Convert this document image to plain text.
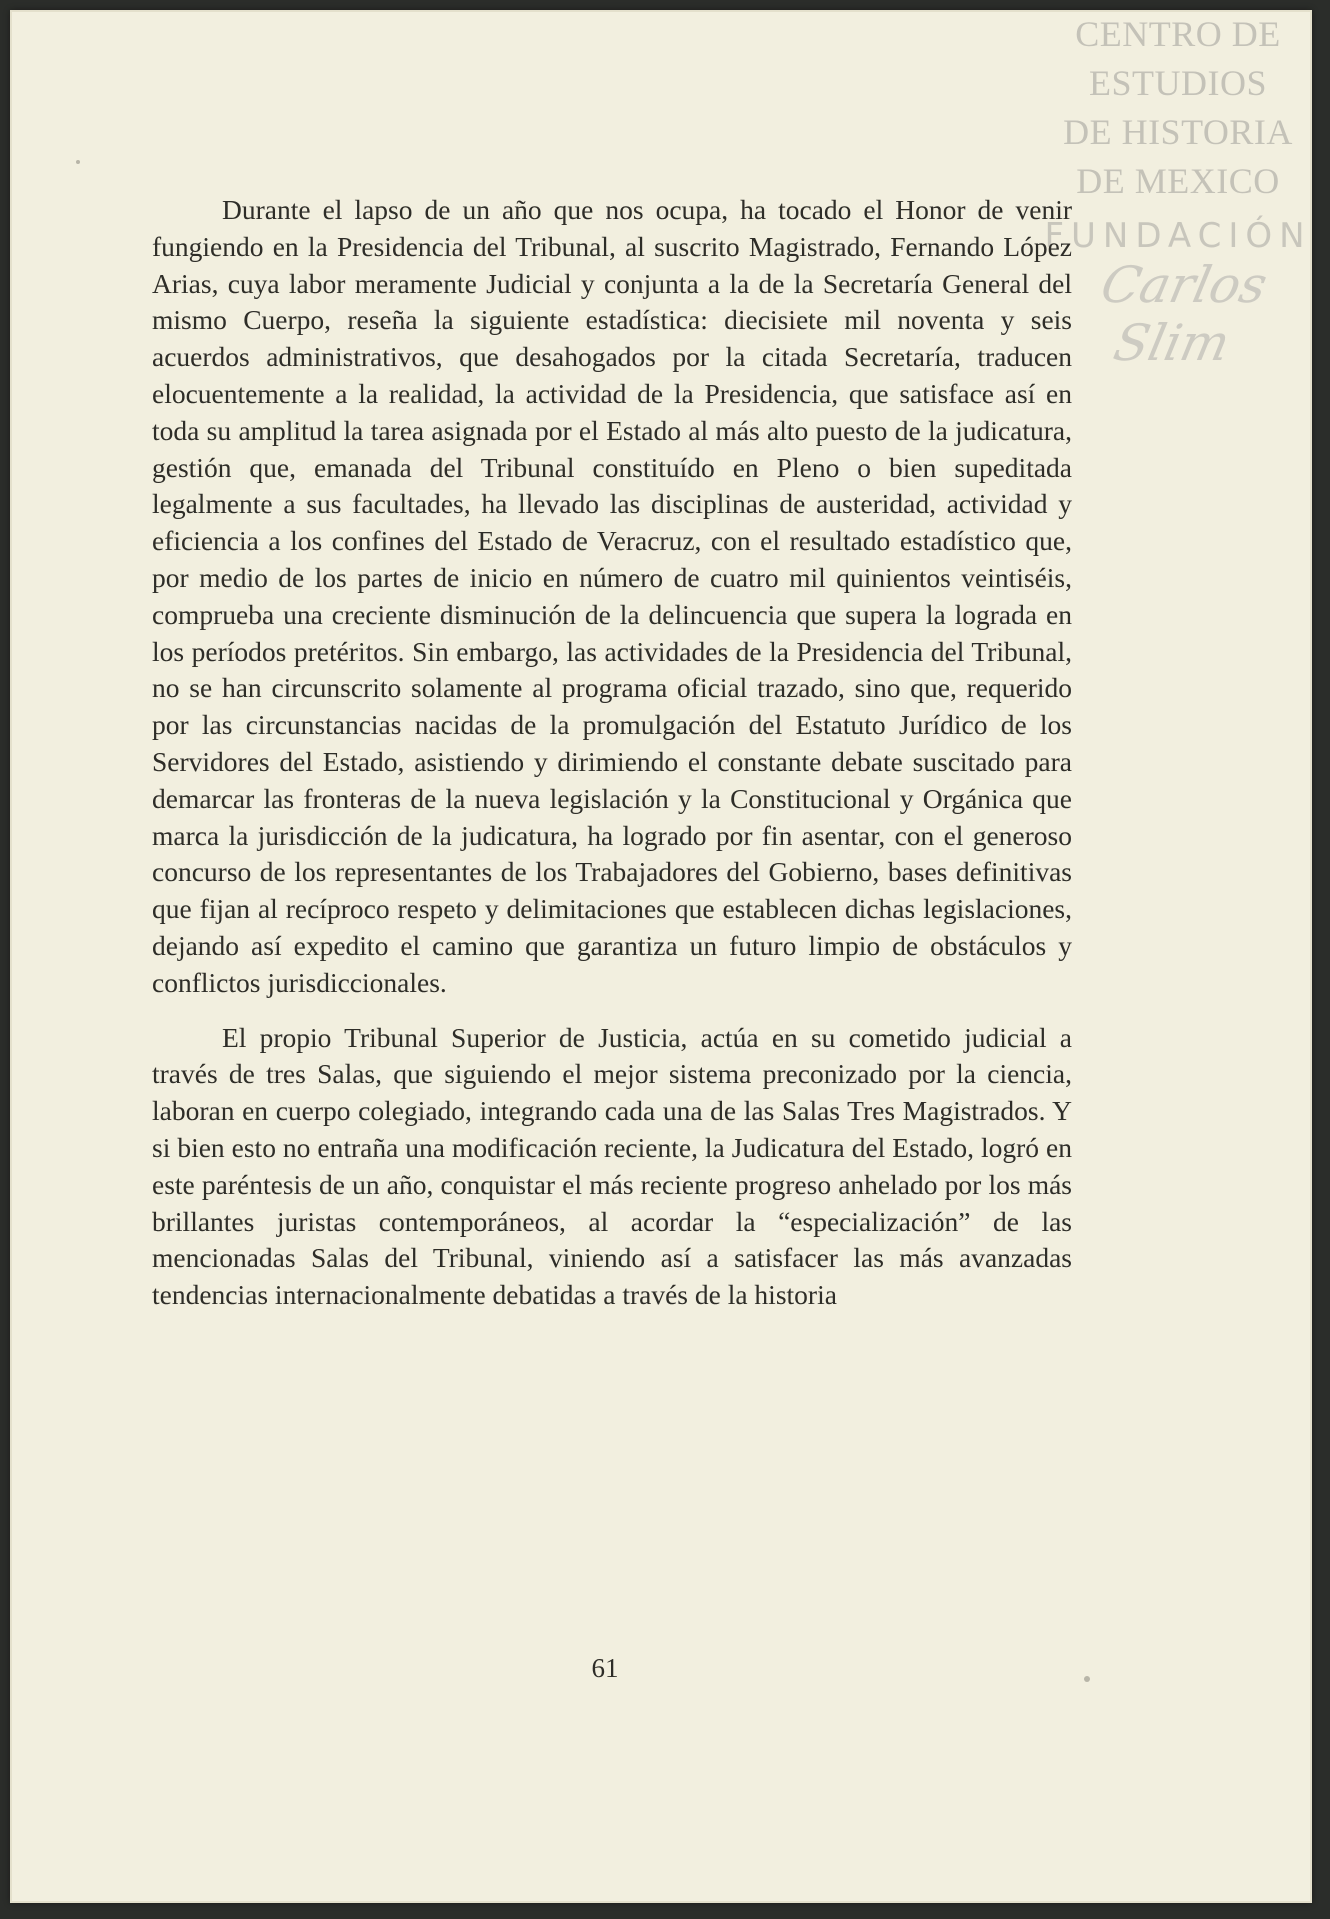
CENTRO DE
ESTUDIOS
DE HISTORIA
DE MEXICO
FUNDACIÓN
Carlos Slim

Durante el lapso de un año que nos ocupa, ha tocado el Honor de venir fungiendo en la Presidencia del Tribunal, al suscrito Magistrado, Fernando López Arias, cuya labor meramente Judicial y conjunta a la de la Secretaría General del mismo Cuerpo, reseña la siguiente estadística: diecisiete mil noventa y seis acuerdos administrativos, que desahogados por la citada Secretaría, traducen elocuentemente a la realidad, la actividad de la Presidencia, que satisface así en toda su amplitud la tarea asignada por el Estado al más alto puesto de la judicatura, gestión que, emanada del Tribunal constituído en Pleno o bien supeditada legalmente a sus facultades, ha llevado las disciplinas de austeridad, actividad y eficiencia a los confines del Estado de Veracruz, con el resultado estadístico que, por medio de los partes de inicio en número de cuatro mil quinientos veintiséis, comprueba una creciente disminución de la delincuencia que supera la lograda en los períodos pretéritos. Sin embargo, las actividades de la Presidencia del Tribunal, no se han circunscrito solamente al programa oficial trazado, sino que, requerido por las circunstancias nacidas de la promulgación del Estatuto Jurídico de los Servidores del Estado, asistiendo y dirimiendo el constante debate suscitado para demarcar las fronteras de la nueva legislación y la Constitucional y Orgánica que marca la jurisdicción de la judicatura, ha logrado por fin asentar, con el generoso concurso de los representantes de los Trabajadores del Gobierno, bases definitivas que fijan al recíproco respeto y delimitaciones que establecen dichas legislaciones, dejando así expedito el camino que garantiza un futuro limpio de obstáculos y conflictos jurisdiccionales.

El propio Tribunal Superior de Justicia, actúa en su cometido judicial a través de tres Salas, que siguiendo el mejor sistema preconizado por la ciencia, laboran en cuerpo colegiado, integrando cada una de las Salas Tres Magistrados. Y si bien esto no entraña una modificación reciente, la Judicatura del Estado, logró en este paréntesis de un año, conquistar el más reciente progreso anhelado por los más brillantes juristas contemporáneos, al acordar la “especialización” de las mencionadas Salas del Tribunal, viniendo así a satisfacer las más avanzadas tendencias internacionalmente debatidas a través de la historia

61
